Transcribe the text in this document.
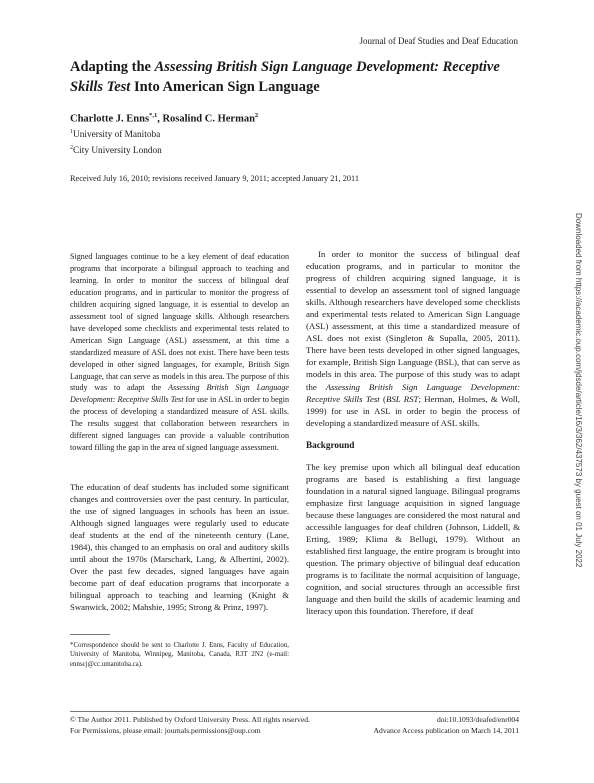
Journal of Deaf Studies and Deaf Education
Adapting the Assessing British Sign Language Development: Receptive Skills Test Into American Sign Language
Charlotte J. Enns$^{*,1}$, Rosalind C. Herman$^2$
$^1$University of Manitoba
$^2$City University London
Received July 16, 2010; revisions received January 9, 2011; accepted January 21, 2011
Downloaded from https://academic.oup.com/jdsde/article/16/3/362/437573 by guest on 01 July 2022
Signed languages continue to be a key element of deaf education programs that incorporate a bilingual approach to teaching and learning. In order to monitor the success of bilingual deaf education programs, and in particular to monitor the progress of children acquiring signed language, it is essential to develop an assessment tool of signed language skills. Although researchers have developed some checklists and experimental tests related to American Sign Language (ASL) assessment, at this time a standardized measure of ASL does not exist. There have been tests developed in other signed languages, for example, British Sign Language, that can serve as models in this area. The purpose of this study was to adapt the Assessing British Sign Language Development: Receptive Skills Test for use in ASL in order to begin the process of developing a standardized measure of ASL skills. The results suggest that collaboration between researchers in different signed languages can provide a valuable contribution toward filling the gap in the area of signed language assessment.
The education of deaf students has included some significant changes and controversies over the past century. In particular, the use of signed languages in schools has been an issue. Although signed languages were regularly used to educate deaf students at the end of the nineteenth century (Lane, 1984), this changed to an emphasis on oral and auditory skills until about the 1970s (Marschark, Lang, & Albertini, 2002). Over the past few decades, signed languages have again become part of deaf education programs that incorporate a bilingual approach to teaching and learning (Knight & Swanwick, 2002; Mahshie, 1995; Strong & Prinz, 1997).
*Correspondence should be sent to Charlotte J. Enns, Faculty of Education, University of Manitoba, Winnipeg, Manitoba, Canada, R3T 2N2 (e-mail: ennscj@cc.umanitoba.ca).

In order to monitor the success of bilingual deaf education programs, and in particular to monitor the progress of children acquiring signed language, it is essential to develop an assessment tool of signed language skills. Although researchers have developed some checklists and experimental tests related to American Sign Language (ASL) assessment, at this time a standardized measure of ASL does not exist (Singleton & Supalla, 2005, 2011). There have been tests developed in other signed languages, for example, British Sign Language (BSL), that can serve as models in this area. The purpose of this study was to adapt the Assessing British Sign Language Development: Receptive Skills Test (BSL RST; Herman, Holmes, & Woll, 1999) for use in ASL in order to begin the process of developing a standardized measure of ASL skills.

Background

The key premise upon which all bilingual deaf education programs are based is establishing a first language foundation in a natural signed language. Bilingual programs emphasize first language acquisition in signed language because these languages are considered the most natural and accessible languages for deaf children (Johnson, Liddell, & Erting, 1989; Klima & Bellugi, 1979). Without an established first language, the entire program is brought into question. The primary objective of bilingual deaf education programs is to facilitate the normal acquisition of language, cognition, and social structures through an accessible first language and then build the skills of academic learning and literacy upon this foundation. Therefore, if deaf

© The Author 2011. Published by Oxford University Press. All rights reserved.
For Permissions, please email: journals.permissions@oup.com
doi:10.1093/deafed/enr004
Advance Access publication on March 14, 2011
